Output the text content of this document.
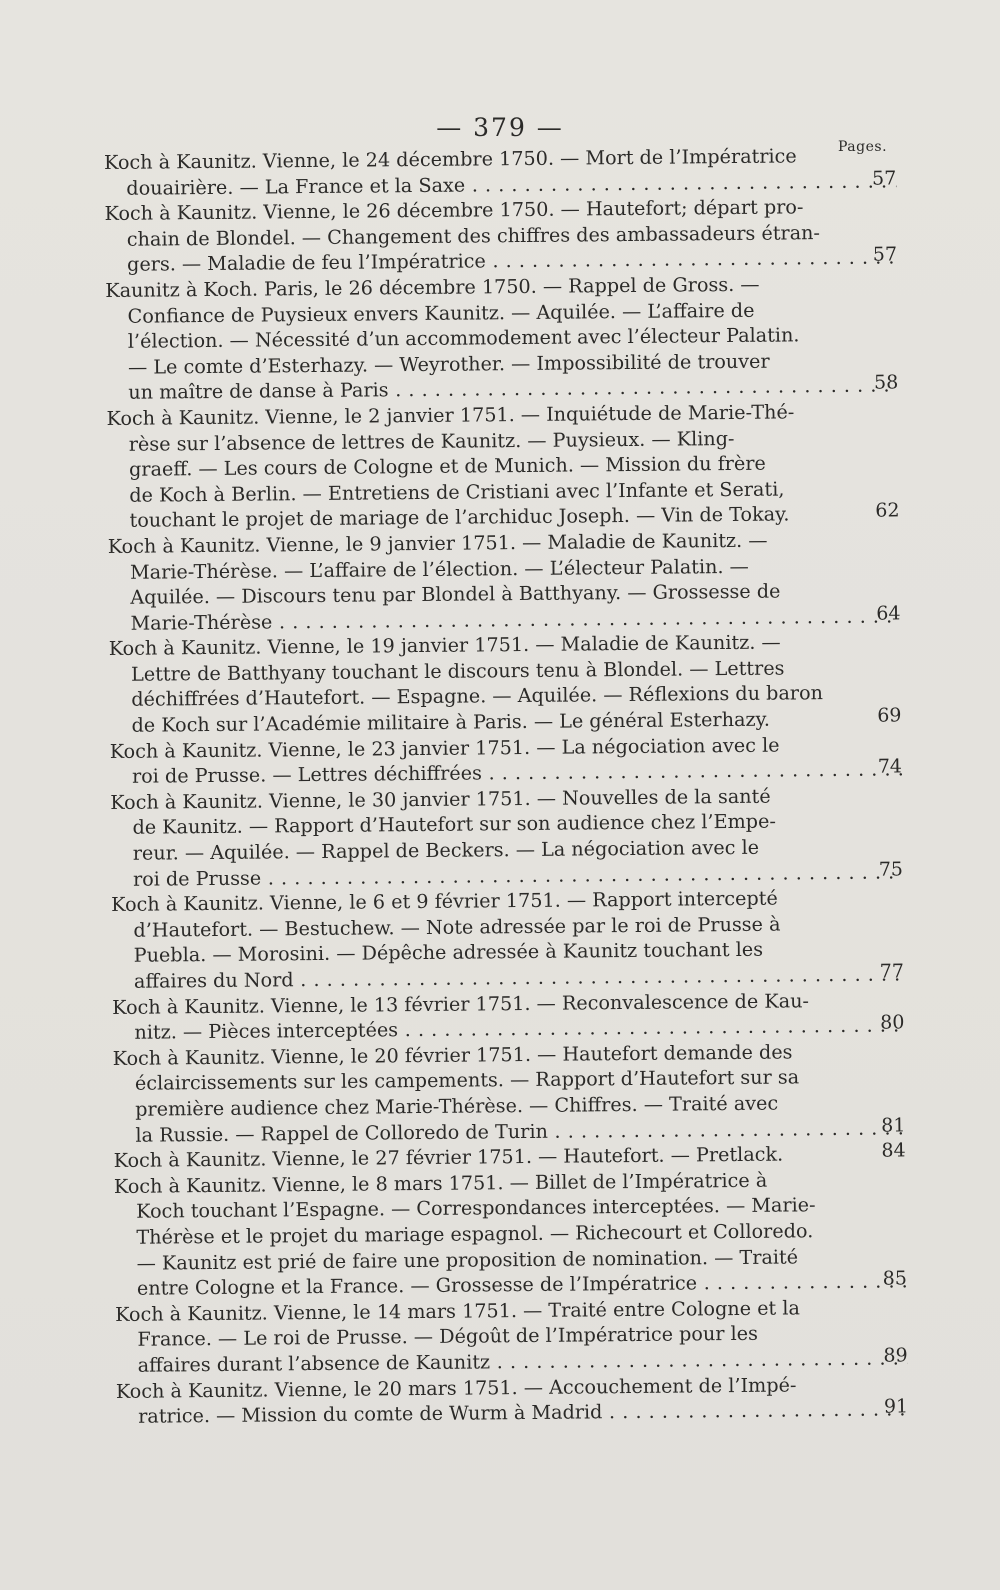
— 379 —
Pages.
Koch à Kaunitz. Vienne, le 24 décembre 1750. — Mort de l’Impératrice
douairière. — La France et la Saxe . . .	57
Koch à Kaunitz. Vienne, le 26 décembre 1750. — Hautefort; départ pro-
chain de Blondel. — Changement des chiffres des ambassadeurs étran-
gers. — Maladie de feu l’Impératrice . . .	57
Kaunitz à Koch. Paris, le 26 décembre 1750. — Rappel de Gross. —
Confiance de Puysieux envers Kaunitz. — Aquilée. — L’affaire de
l’élection. — Nécessité d’un accommodement avec l’électeur Palatin.
— Le comte d’Esterhazy. — Weyrother. — Impossibilité de trouver
un maître de danse à Paris . . .	58
Koch à Kaunitz. Vienne, le 2 janvier 1751. — Inquiétude de Marie-Thé-
rèse sur l’absence de lettres de Kaunitz. — Puysieux. — Kling-
graeff. — Les cours de Cologne et de Munich. — Mission du frère
de Koch à Berlin. — Entretiens de Cristiani avec l’Infante et Serati,
touchant le projet de mariage de l’archiduc Joseph. — Vin de Tokay.	62
Koch à Kaunitz. Vienne, le 9 janvier 1751. — Maladie de Kaunitz. —
Marie-Thérèse. — L’affaire de l’élection. — L’électeur Palatin. —
Aquilée. — Discours tenu par Blondel à Batthyany. — Grossesse de
Marie-Thérèse . . .	64
Koch à Kaunitz. Vienne, le 19 janvier 1751. — Maladie de Kaunitz. —
Lettre de Batthyany touchant le discours tenu à Blondel. — Lettres
déchiffrées d’Hautefort. — Espagne. — Aquilée. — Réflexions du baron
de Koch sur l’Académie militaire à Paris. — Le général Esterhazy.	69
Koch à Kaunitz. Vienne, le 23 janvier 1751. — La négociation avec le
roi de Prusse. — Lettres déchiffrées . . .	74
Koch à Kaunitz. Vienne, le 30 janvier 1751. — Nouvelles de la santé
de Kaunitz. — Rapport d’Hautefort sur son audience chez l’Empe-
reur. — Aquilée. — Rappel de Beckers. — La négociation avec le
roi de Prusse . . .	75
Koch à Kaunitz. Vienne, le 6 et 9 février 1751. — Rapport intercepté
d’Hautefort. — Bestuchew. — Note adressée par le roi de Prusse à
Puebla. — Morosini. — Dépêche adressée à Kaunitz touchant les
affaires du Nord . . .	77
Koch à Kaunitz. Vienne, le 13 février 1751. — Reconvalescence de Kau-
nitz. — Pièces interceptées . . .	80
Koch à Kaunitz. Vienne, le 20 février 1751. — Hautefort demande des
éclaircissements sur les campements. — Rapport d’Hautefort sur sa
première audience chez Marie-Thérèse. — Chiffres. — Traité avec
la Russie. — Rappel de Colloredo de Turin . . .	81
Koch à Kaunitz. Vienne, le 27 février 1751. — Hautefort. — Pretlack.	84
Koch à Kaunitz. Vienne, le 8 mars 1751. — Billet de l’Impératrice à
Koch touchant l’Espagne. — Correspondances interceptées. — Marie-
Thérèse et le projet du mariage espagnol. — Richecourt et Colloredo.
— Kaunitz est prié de faire une proposition de nomination. — Traité
entre Cologne et la France. — Grossesse de l’Impératrice . . .	85
Koch à Kaunitz. Vienne, le 14 mars 1751. — Traité entre Cologne et la
France. — Le roi de Prusse. — Dégoût de l’Impératrice pour les
affaires durant l’absence de Kaunitz . . .	89
Koch à Kaunitz. Vienne, le 20 mars 1751. — Accouchement de l’Impé-
ratrice. — Mission du comte de Wurm à Madrid . . .	91
